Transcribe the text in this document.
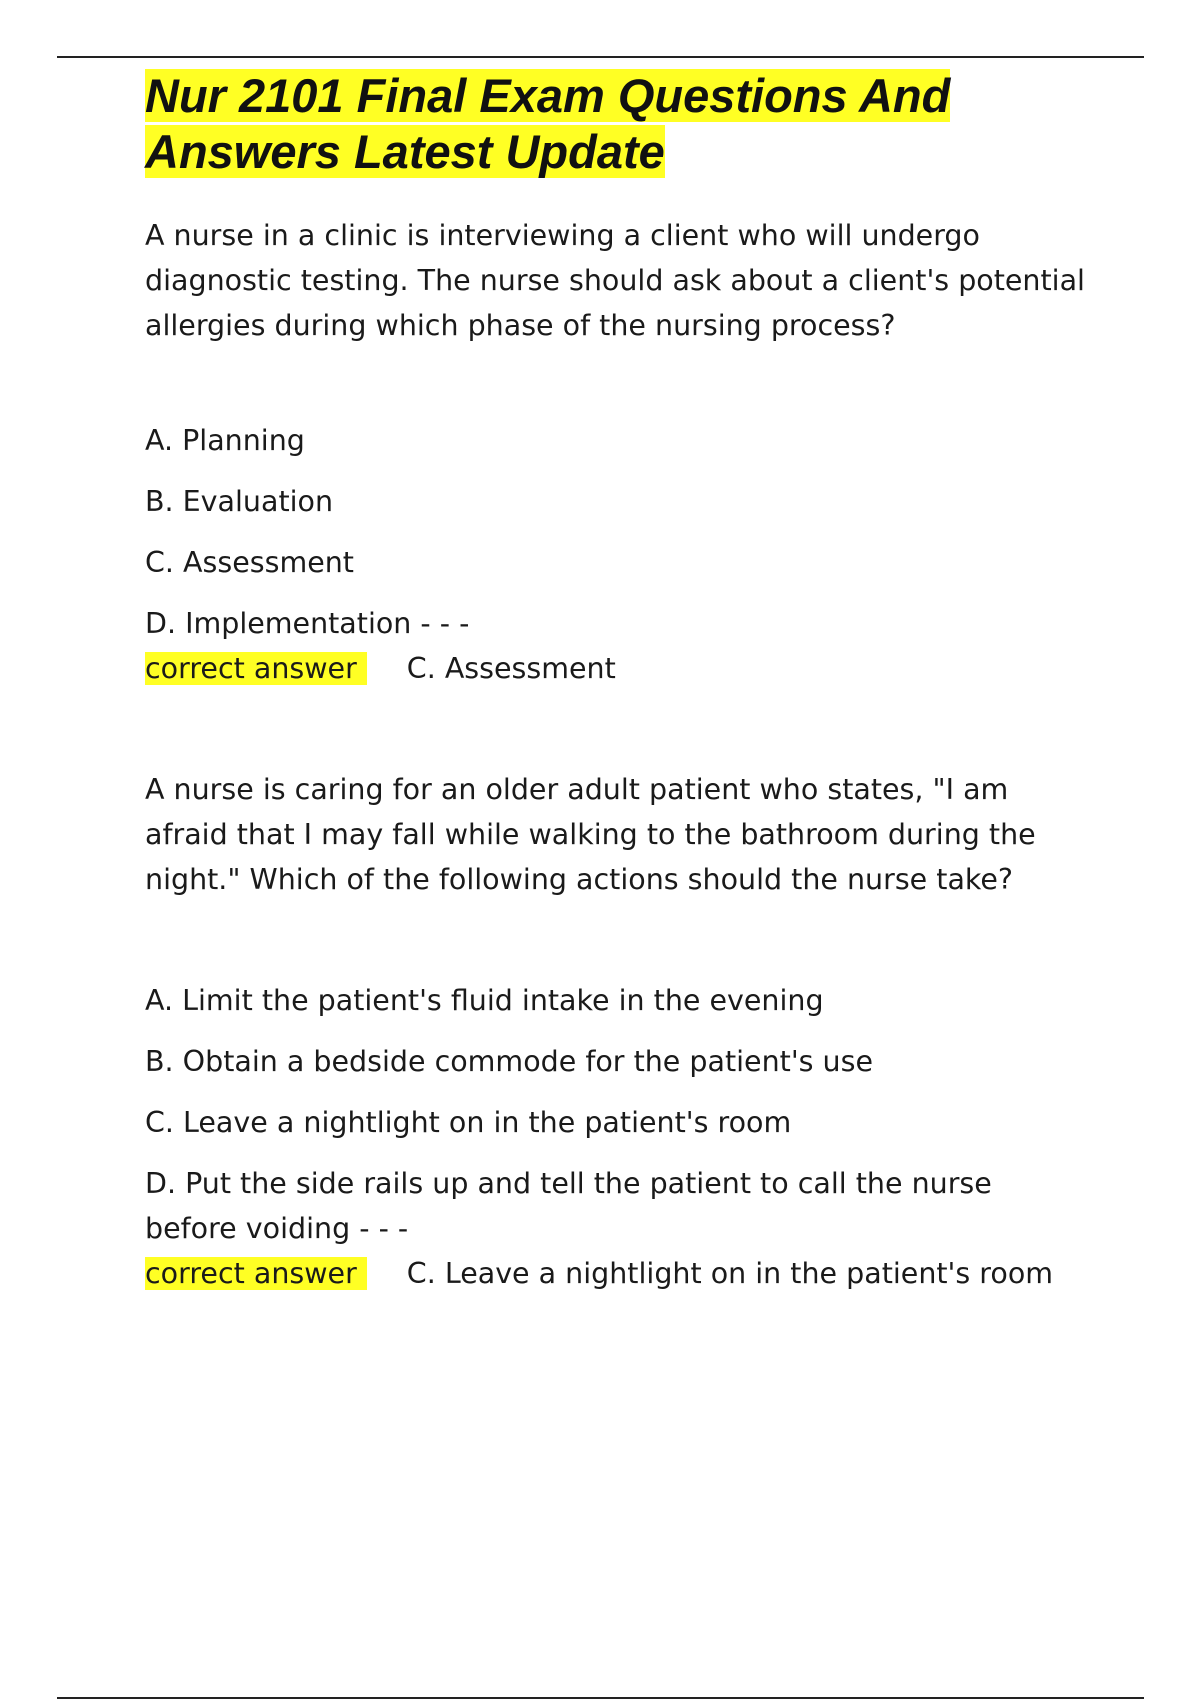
Nur 2101 Final Exam Questions And Answers Latest Update

A nurse in a clinic is interviewing a client who will undergo diagnostic testing. The nurse should ask about a client's potential allergies during which phase of the nursing process?

A. Planning
B. Evaluation
C. Assessment
D. Implementation - - -
correct answer C. Assessment

A nurse is caring for an older adult patient who states, "I am afraid that I may fall while walking to the bathroom during the night." Which of the following actions should the nurse take?

A. Limit the patient's fluid intake in the evening
B. Obtain a bedside commode for the patient's use
C. Leave a nightlight on in the patient's room
D. Put the side rails up and tell the patient to call the nurse before voiding - - -
correct answer C. Leave a nightlight on in the patient's room
